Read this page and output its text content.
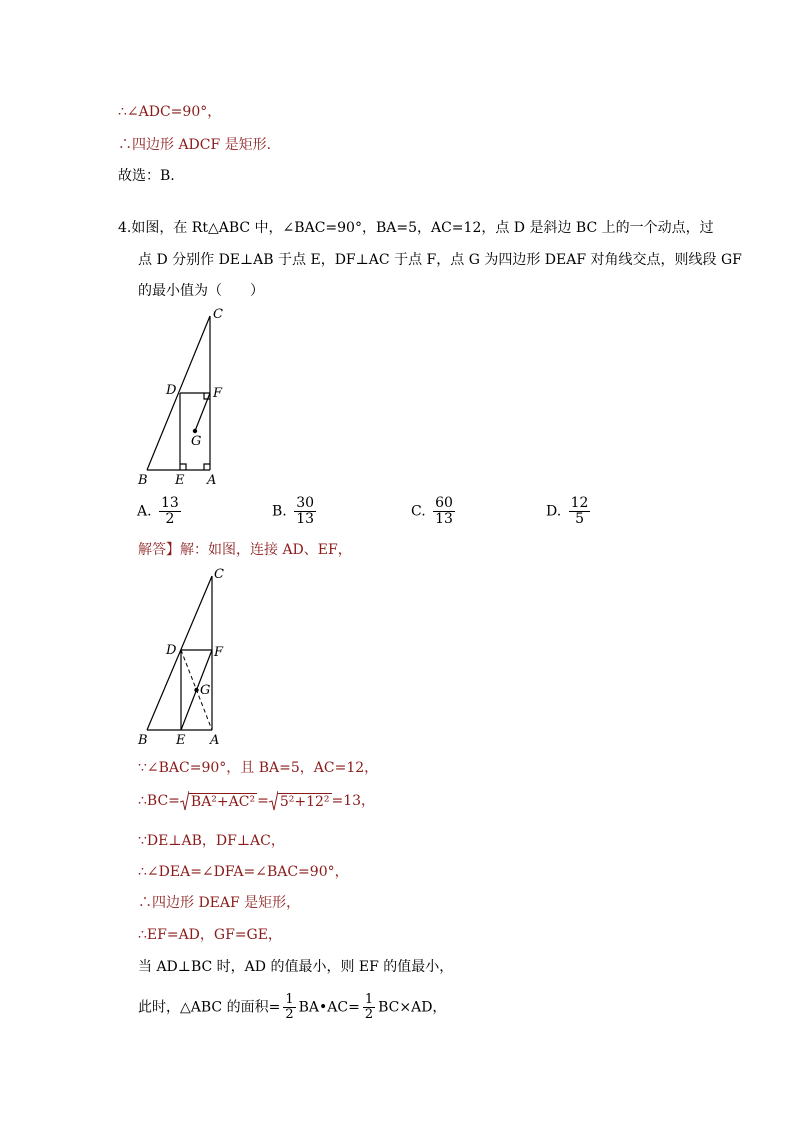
∴∠ADC=90°，
∴四边形 ADCF 是矩形.
故选：B.
4.如图，在 Rt△ABC 中，∠BAC=90°，BA=5，AC=12，点 D 是斜边 BC 上的一个动点，过
点 D 分别作 DE⊥AB 于点 E，DF⊥AC 于点 F，点 G 为四边形 DEAF 对角线交点，则线段 GF
的最小值为（　　）
C
D	F
G
B E A
A. $\frac{13}{2}$	B. $\frac{30}{13}$	C. $\frac{60}{13}$	D. $\frac{12}{5}$
解答】解：如图，连接 AD、EF，
C
D	F
G
B E A
∵∠BAC=90°，且 BA=5，AC=12，
∴BC= BA²+AC² = 5²+12² =13，
∵DE⊥AB，DF⊥AC，
∴∠DEA=∠DFA=∠BAC=90°，
∴四边形 DEAF 是矩形，
∴EF=AD，GF=GE，
当 AD⊥BC 时，AD 的值最小，则 EF 的值最小，
此时，△ABC 的面积= $\frac{1}{2}$ BA•AC= $\frac{1}{2} BC\times AD$，
